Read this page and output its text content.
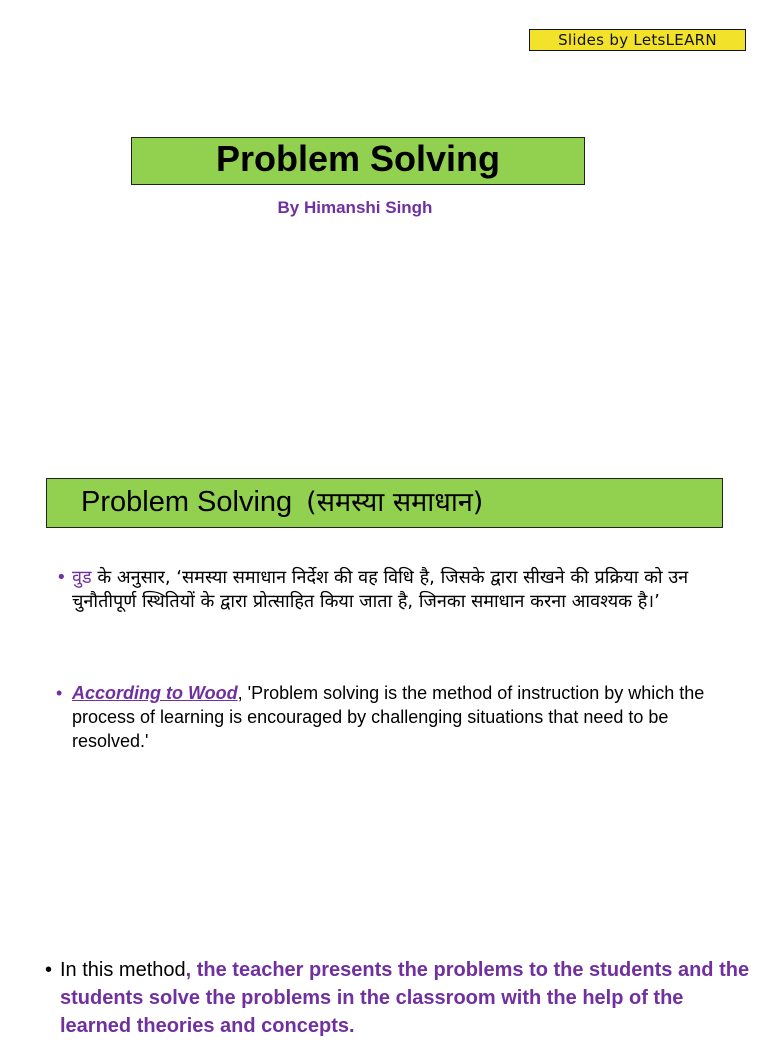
Slides by LetsLEARN
Problem Solving
By Himanshi Singh
Problem Solving (समस्या समाधान)
• वुड के अनुसार, ‘समस्या समाधान निर्देश की वह विधि है, जिसके द्वारा सीखने की प्रक्रिया को उन चुनौतीपूर्ण स्थितियों के द्वारा प्रोत्साहित किया जाता है, जिनका समाधान करना आवश्यक है।’
• According to Wood, 'Problem solving is the method of instruction by which the process of learning is encouraged by challenging situations that need to be resolved.'
• In this method, the teacher presents the problems to the students and the students solve the problems in the classroom with the help of the learned theories and concepts.
